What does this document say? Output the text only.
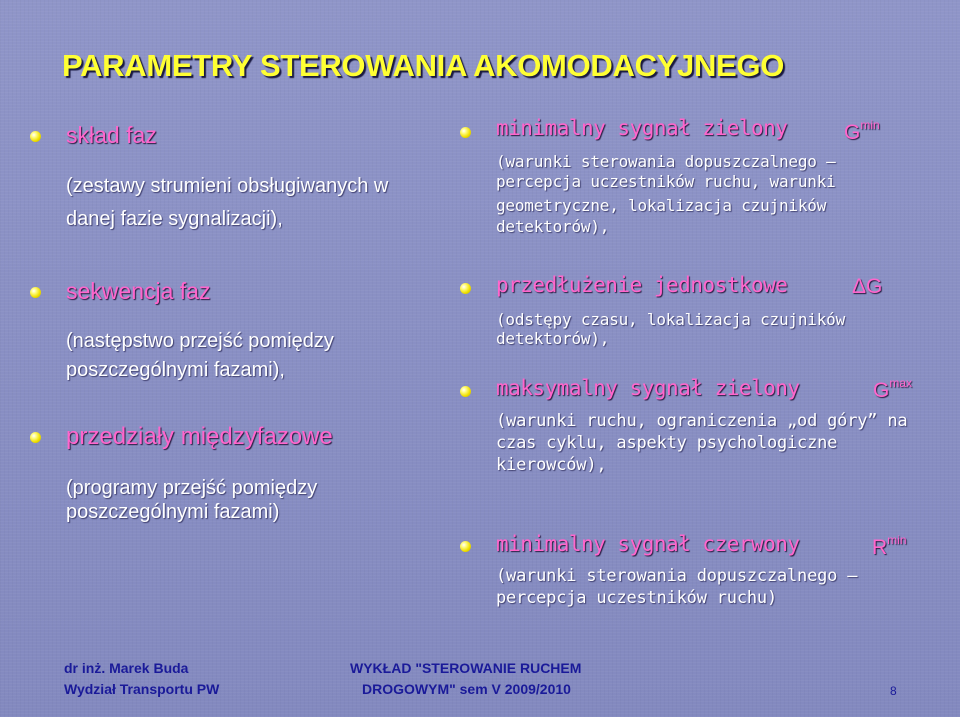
PARAMETRY STEROWANIA AKOMODACYJNEGO
skład faz
(zestawy strumieni obsługiwanych w
danej fazie sygnalizacji),
sekwencja faz
(następstwo przejść pomiędzy
poszczególnymi fazami),
przedziały międzyfazowe
(programy przejść pomiędzy
poszczególnymi fazami)
minimalny sygnał zielony	$G^{min}$
(warunki sterowania dopuszczalnego –
percepcja uczestników ruchu, warunki
geometryczne, lokalizacja czujników
detektorów),
przedłużenie jednostkowe	ΔG
(odstępy czasu, lokalizacja czujników
detektorów),
maksymalny sygnał zielony	$G^{max}$
(warunki ruchu, ograniczenia „od góry” na
czas cyklu, aspekty psychologiczne
kierowców),
minimalny sygnał czerwony	$R^{min}$
(warunki sterowania dopuszczalnego –
percepcja uczestników ruchu)
dr inż. Marek Buda
Wydział Transportu PW
WYKŁAD "STEROWANIE RUCHEM
DROGOWYM" sem V 2009/2010	8
